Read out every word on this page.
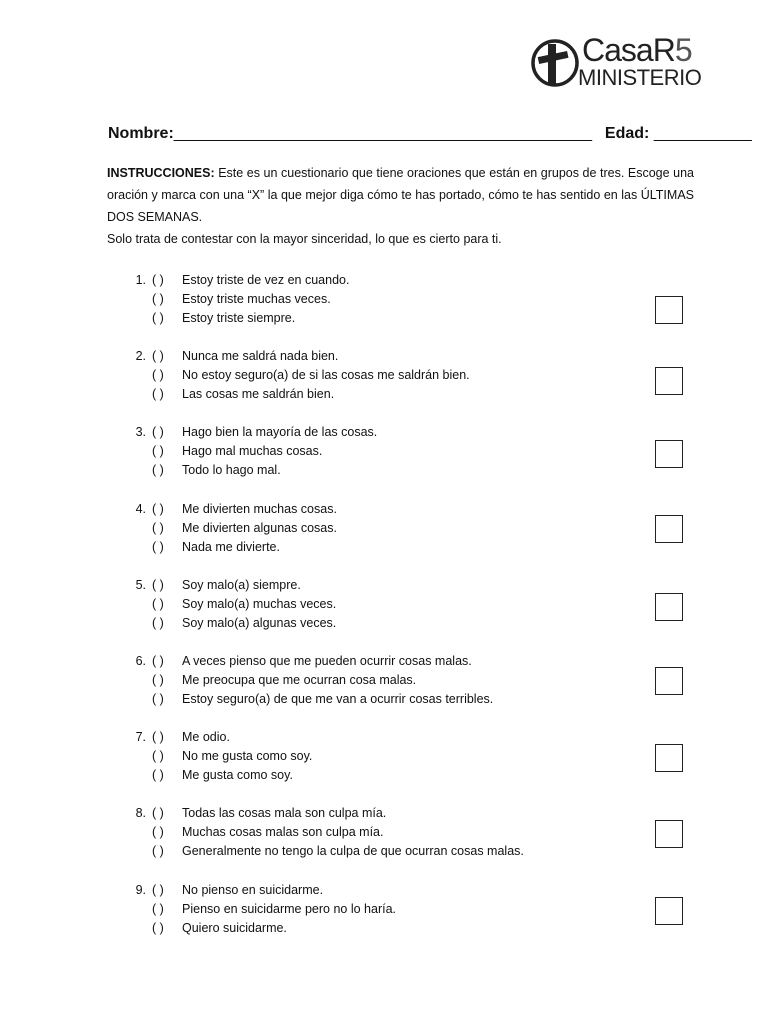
CasaR5
MINISTERIO
Nombre:_______________________________________________ Edad: ___________

INSTRUCCIONES: Este es un cuestionario que tiene oraciones que están en grupos de tres. Escoge una oración y marca con una “X” la que mejor diga cómo te has portado, cómo te has sentido en las ÚLTIMAS DOS SEMANAS.

Solo trata de contestar con la mayor sinceridad, lo que es cierto para ti.

1. ( ) Estoy triste de vez en cuando.
( ) Estoy triste muchas veces.
( ) Estoy triste siempre.
2. ( ) Nunca me saldrá nada bien.
( ) No estoy seguro(a) de si las cosas me saldrán bien.
( ) Las cosas me saldrán bien.
3. ( ) Hago bien la mayoría de las cosas.
( ) Hago mal muchas cosas.
( ) Todo lo hago mal.
4. ( ) Me divierten muchas cosas.
( ) Me divierten algunas cosas.
( ) Nada me divierte.
5. ( ) Soy malo(a) siempre.
( ) Soy malo(a) muchas veces.
( ) Soy malo(a) algunas veces.
6. ( ) A veces pienso que me pueden ocurrir cosas malas.
( ) Me preocupa que me ocurran cosa malas.
( ) Estoy seguro(a) de que me van a ocurrir cosas terribles.
7. ( ) Me odio.
( ) No me gusta como soy.
( ) Me gusta como soy.
8. ( ) Todas las cosas mala son culpa mía.
( ) Muchas cosas malas son culpa mía.
( ) Generalmente no tengo la culpa de que ocurran cosas malas.
9. ( ) No pienso en suicidarme.
( ) Pienso en suicidarme pero no lo haría.
( ) Quiero suicidarme.
